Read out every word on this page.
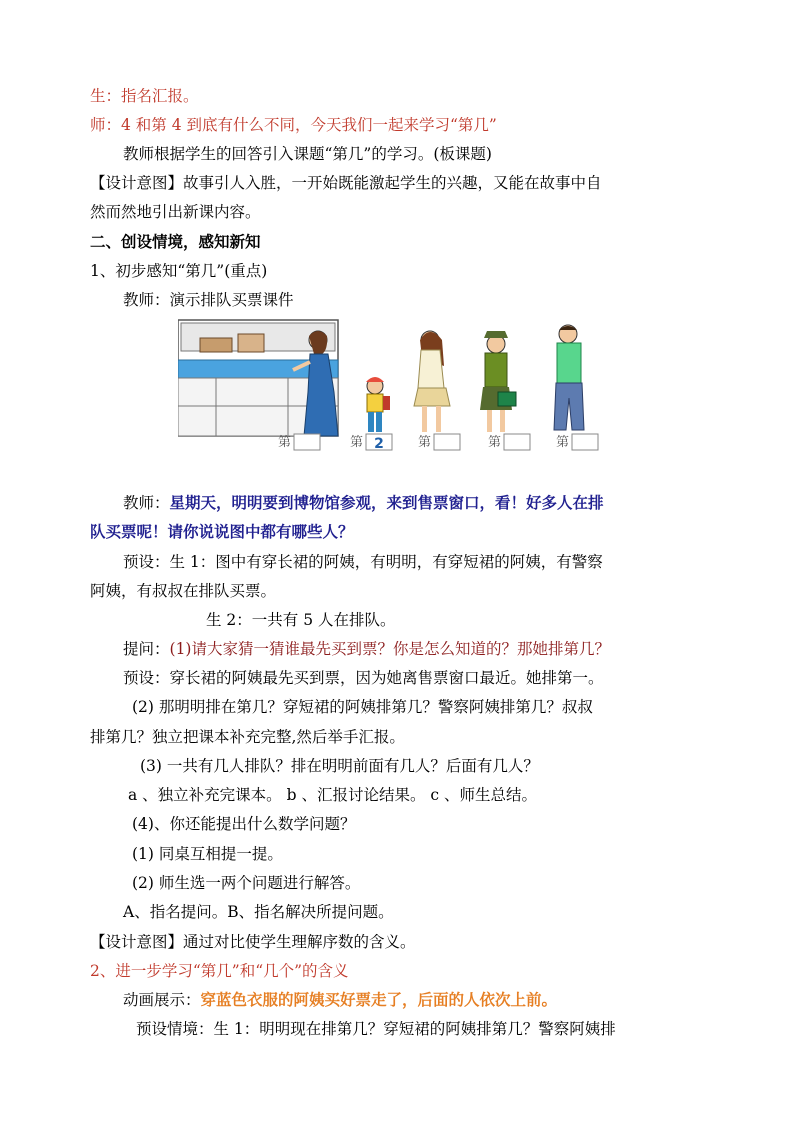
生：指名汇报。
师：4 和第 4 到底有什么不同，今天我们一起来学习“第几”
教师根据学生的回答引入课题“第几”的学习。(板课题)
【设计意图】故事引人入胜，一开始既能激起学生的兴趣，又能在故事中自
然而然地引出新课内容。
二、创设情境，感知新知
1、初步感知“第几”(重点)
教师：演示排队买票课件
第	第 2	第	第	第
教师：星期天，明明要到博物馆参观，来到售票窗口，看！好多人在排
队买票呢！请你说说图中都有哪些人？
预设：生 1：图中有穿长裙的阿姨，有明明，有穿短裙的阿姨，有警察
阿姨，有叔叔在排队买票。
生 2：一共有 5 人在排队。
提问：(1)请大家猜一猜谁最先买到票？你是怎么知道的？那她排第几？
预设：穿长裙的阿姨最先买到票，因为她离售票窗口最近。她排第一。
(2) 那明明排在第几？穿短裙的阿姨排第几？警察阿姨排第几？叔叔
排第几？独立把课本补充完整,然后举手汇报。
(3) 一共有几人排队？排在明明前面有几人？后面有几人？
a 、独立补充完课本。 b 、汇报讨论结果。 c 、师生总结。
(4)、你还能提出什么数学问题？
(1) 同桌互相提一提。
(2) 师生选一两个问题进行解答。
A、指名提问。B、指名解决所提问题。
【设计意图】通过对比使学生理解序数的含义。
2、进一步学习“第几”和“几个”的含义
动画展示：穿蓝色衣服的阿姨买好票走了，后面的人依次上前。
预设情境：生 1：明明现在排第几？穿短裙的阿姨排第几？警察阿姨排
